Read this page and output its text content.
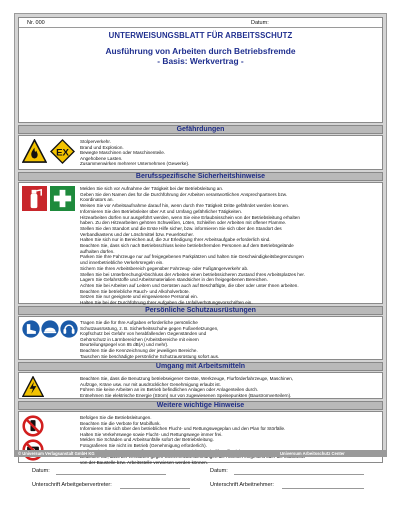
Nr. 000	Datum:
UNTERWEISUNGSBLATT FÜR ARBEITSSCHUTZ
Ausführung von Arbeiten durch Betriebsfremde
- Basis: Werkvertrag -
Gefährdungen
EX
Stolperverkehr.
Brand und Explosion.
Bewegte Maschinen oder Maschinenteile.
Angehobene Lasten.
Zusammenwirken mehrerer Unternehmen (Gewerke).
Berufsspezifische Sicherheitshinweise
Melden Sie sich vor Aufnahme der Tätigkeit bei der Betriebsleitung an.
Geben Sie den Namen des für die Durchführung der Arbeiten verantwortlichen Ansprechpartners bzw.
Koordinators an.
Weisen Sie vor Arbeitsaufnahme darauf hin, wenn durch Ihre Tätigkeit Dritte gefährdet werden können.
Informieren Sie den Betriebsleiter über Art und Umfang gefährlicher Tätigkeiten.
Hitzearbeiten dürfen nur ausgeführt werden, wenn Sie eine Erlaubnisschein von der Betriebsleitung erhalten
haben. Zu den Hitzearbeiten gehören Schweißen, Löten, Schleifen oder Arbeiten mit offener Flamme.
Stellen Sie den Standort und die Erste Hilfe sicher, bzw. informieren Sie sich über den Standort des
Verbandkastens und der Löschmittel bzw. Feuerlöscher.
Halten Sie sich nur in Bereichen auf, die zur Erledigung Ihrer Arbeitsaufgabe erforderlich sind.
Beachten Sie, dass sich nach Betriebsschluss keine betriebsfremden Personen auf dem Betriebsgelände
aufhalten dürfen.
Parken Sie Ihre Fahrzeuge nur auf freigegebenen Parkplätzen und halten Sie Geschwindigkeitsbegrenzungen
und innerbetriebliche Verkehrsregeln ein.
Sichern Sie Ihren Arbeitsbereich gegenüber Fahrzeug- oder Fußgängerverkehr ab.
Stellen Sie bei Unterbrechung/Abschluss der Arbeiten einen betriebssicheren Zustand Ihres Arbeitsplatzes her.
Lagern Sie Gefahrstoffe und Arbeitsmaterialien standsicher in den freigegebenen Bereichen.
Achten Sie bei Arbeiten auf Leitern und Gerüsten auch auf Beschäftigte, die über oder unter Ihnen arbeiten.
Beachten Sie betriebliche Rauch- und Alkoholverbote.
Setzen Sie nur geeignete und eingewiesene Personal ein.
Halten Sie bei der Durchführung Ihrer Aufgaben die Unfallverhütungsvorschriften ein.
Persönliche Schutzausrüstungen
Tragen Sie die für Ihre Aufgaben erforderliche persönliche
Schutzausrüstung, z. B. Sicherheitsschuhe gegen Fußverletzungen,
Kopfschutz bei Gefahr von herabfallenden Gegenständen und
Gehörschutz in Lärmbereichen (Arbeitsbereiche mit einem
Beurteilungspegel von 85 dB(A) und mehr).
Beachten Sie die Kennzeichnung der jeweiligen Bereiche.
Tauschen Sie beschädigte persönliche Schutzausrüstung sofort aus.
Umgang mit Arbeitsmitteln
Beachten Sie, dass die Benutzung betriebseigener Geräte, Werkzeuge, Flurförderfahrzeuge, Maschinen,
Aufzüge, Kräne usw. nur mit ausdrücklicher Genehmigung erlaubt ist.
Führen Sie keine Arbeiten an im Betrieb befindlichen Anlagen oder Anlagenteilen durch.
Entnehmen Sie elektrische Energie (Strom) nur von zugewiesenen Speisepunkten (Baustromverteilern).
Weitere wichtige Hinweise
Befolgen Sie die Betriebsleitungen.
Beachten Sie die Verbote für Mobilfunk.
Informieren Sie sich über den betrieblichen Flucht- und Rettungswegeplan und den Plan für Störfälle.
Halten Sie Verkehrswege sowie Flucht- und Rettungswege immer frei.
Melden Sie Schäden und Arbeitsunfälle sofort der Betriebsleitung.
Fotografieren Sie nicht im Betrieb (Genehmigung erforderlich).
von der Baustelle bzw. Arbeitsstelle verwiesen werden können.
© Universum Verlagsanstalt GmbH KG	Universum Arbeitsschutz Center
Datum:	Datum:
Unterschrift Arbeitgebervertreter:	Unterschrift Arbeitnehmer:
